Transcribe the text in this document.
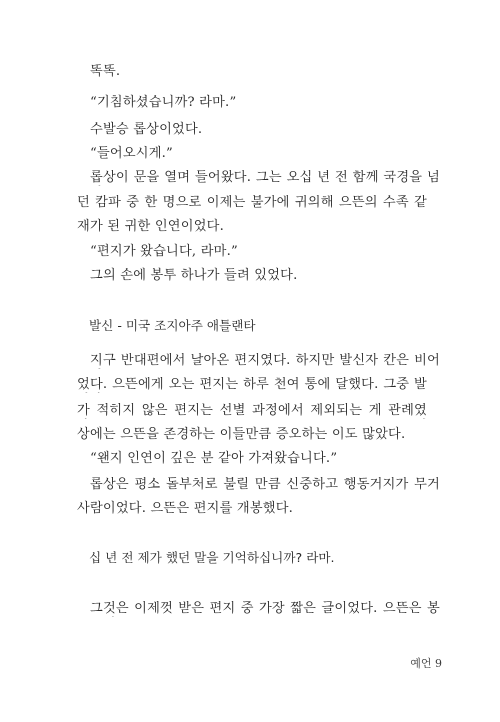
똑똑.
“기침하셨습니까? 라마.”
수발승 롭상이었다.
“들어오시게.”
롭상이 문을 열며 들어왔다. 그는 오십 년 전 함께 국경을 넘
던 캄파 중 한 명으로 이제는 불가에 귀의해 으뜬의 수족 같
재가 된 귀한 인연이었다.
“편지가 왔습니다, 라마.”
그의 손에 봉투 하나가 들려 있었다.
발신 - 미국 조지아주 애틀랜타
지구 반대편에서 날아온 편지였다. 하지만 발신자 칸은 비어
었다. 으뜬에게 오는 편지는 하루 천여 통에 달했다. 그중 발
가 적히지 않은 편지는 선별 과정에서 제외되는 게 관례였
상에는 으뜬을 존경하는 이들만큼 증오하는 이도 많았다.
“왠지 인연이 깊은 분 같아 가져왔습니다.”
롭상은 평소 돌부처로 불릴 만큼 신중하고 행동거지가 무거
사람이었다. 으뜬은 편지를 개봉했다.
십 년 전 제가 했던 말을 기억하십니까? 라마.
그것은 이제껏 받은 편지 중 가장 짧은 글이었다. 으뜬은 봉
예언 9
